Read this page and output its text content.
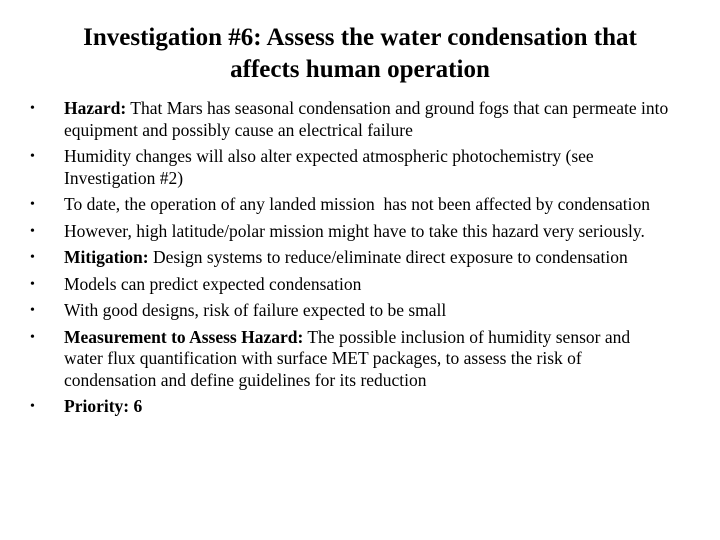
Investigation #6: Assess the water condensation that
affects human operation
•	Hazard: That Mars has seasonal condensation and ground fogs that can permeate into equipment and possibly cause an electrical failure
•	Humidity changes will also alter expected atmospheric photochemistry (see Investigation #2)
•	To date, the operation of any landed mission  has not been affected by condensation
•	However, high latitude/polar mission might have to take this hazard very seriously.
•	Mitigation: Design systems to reduce/eliminate direct exposure to condensation
•	Models can predict expected condensation
•	With good designs, risk of failure expected to be small
•	Measurement to Assess Hazard: The possible inclusion of humidity sensor and water flux quantification with surface MET packages, to assess the risk of condensation and define guidelines for its reduction
•	Priority: 6
